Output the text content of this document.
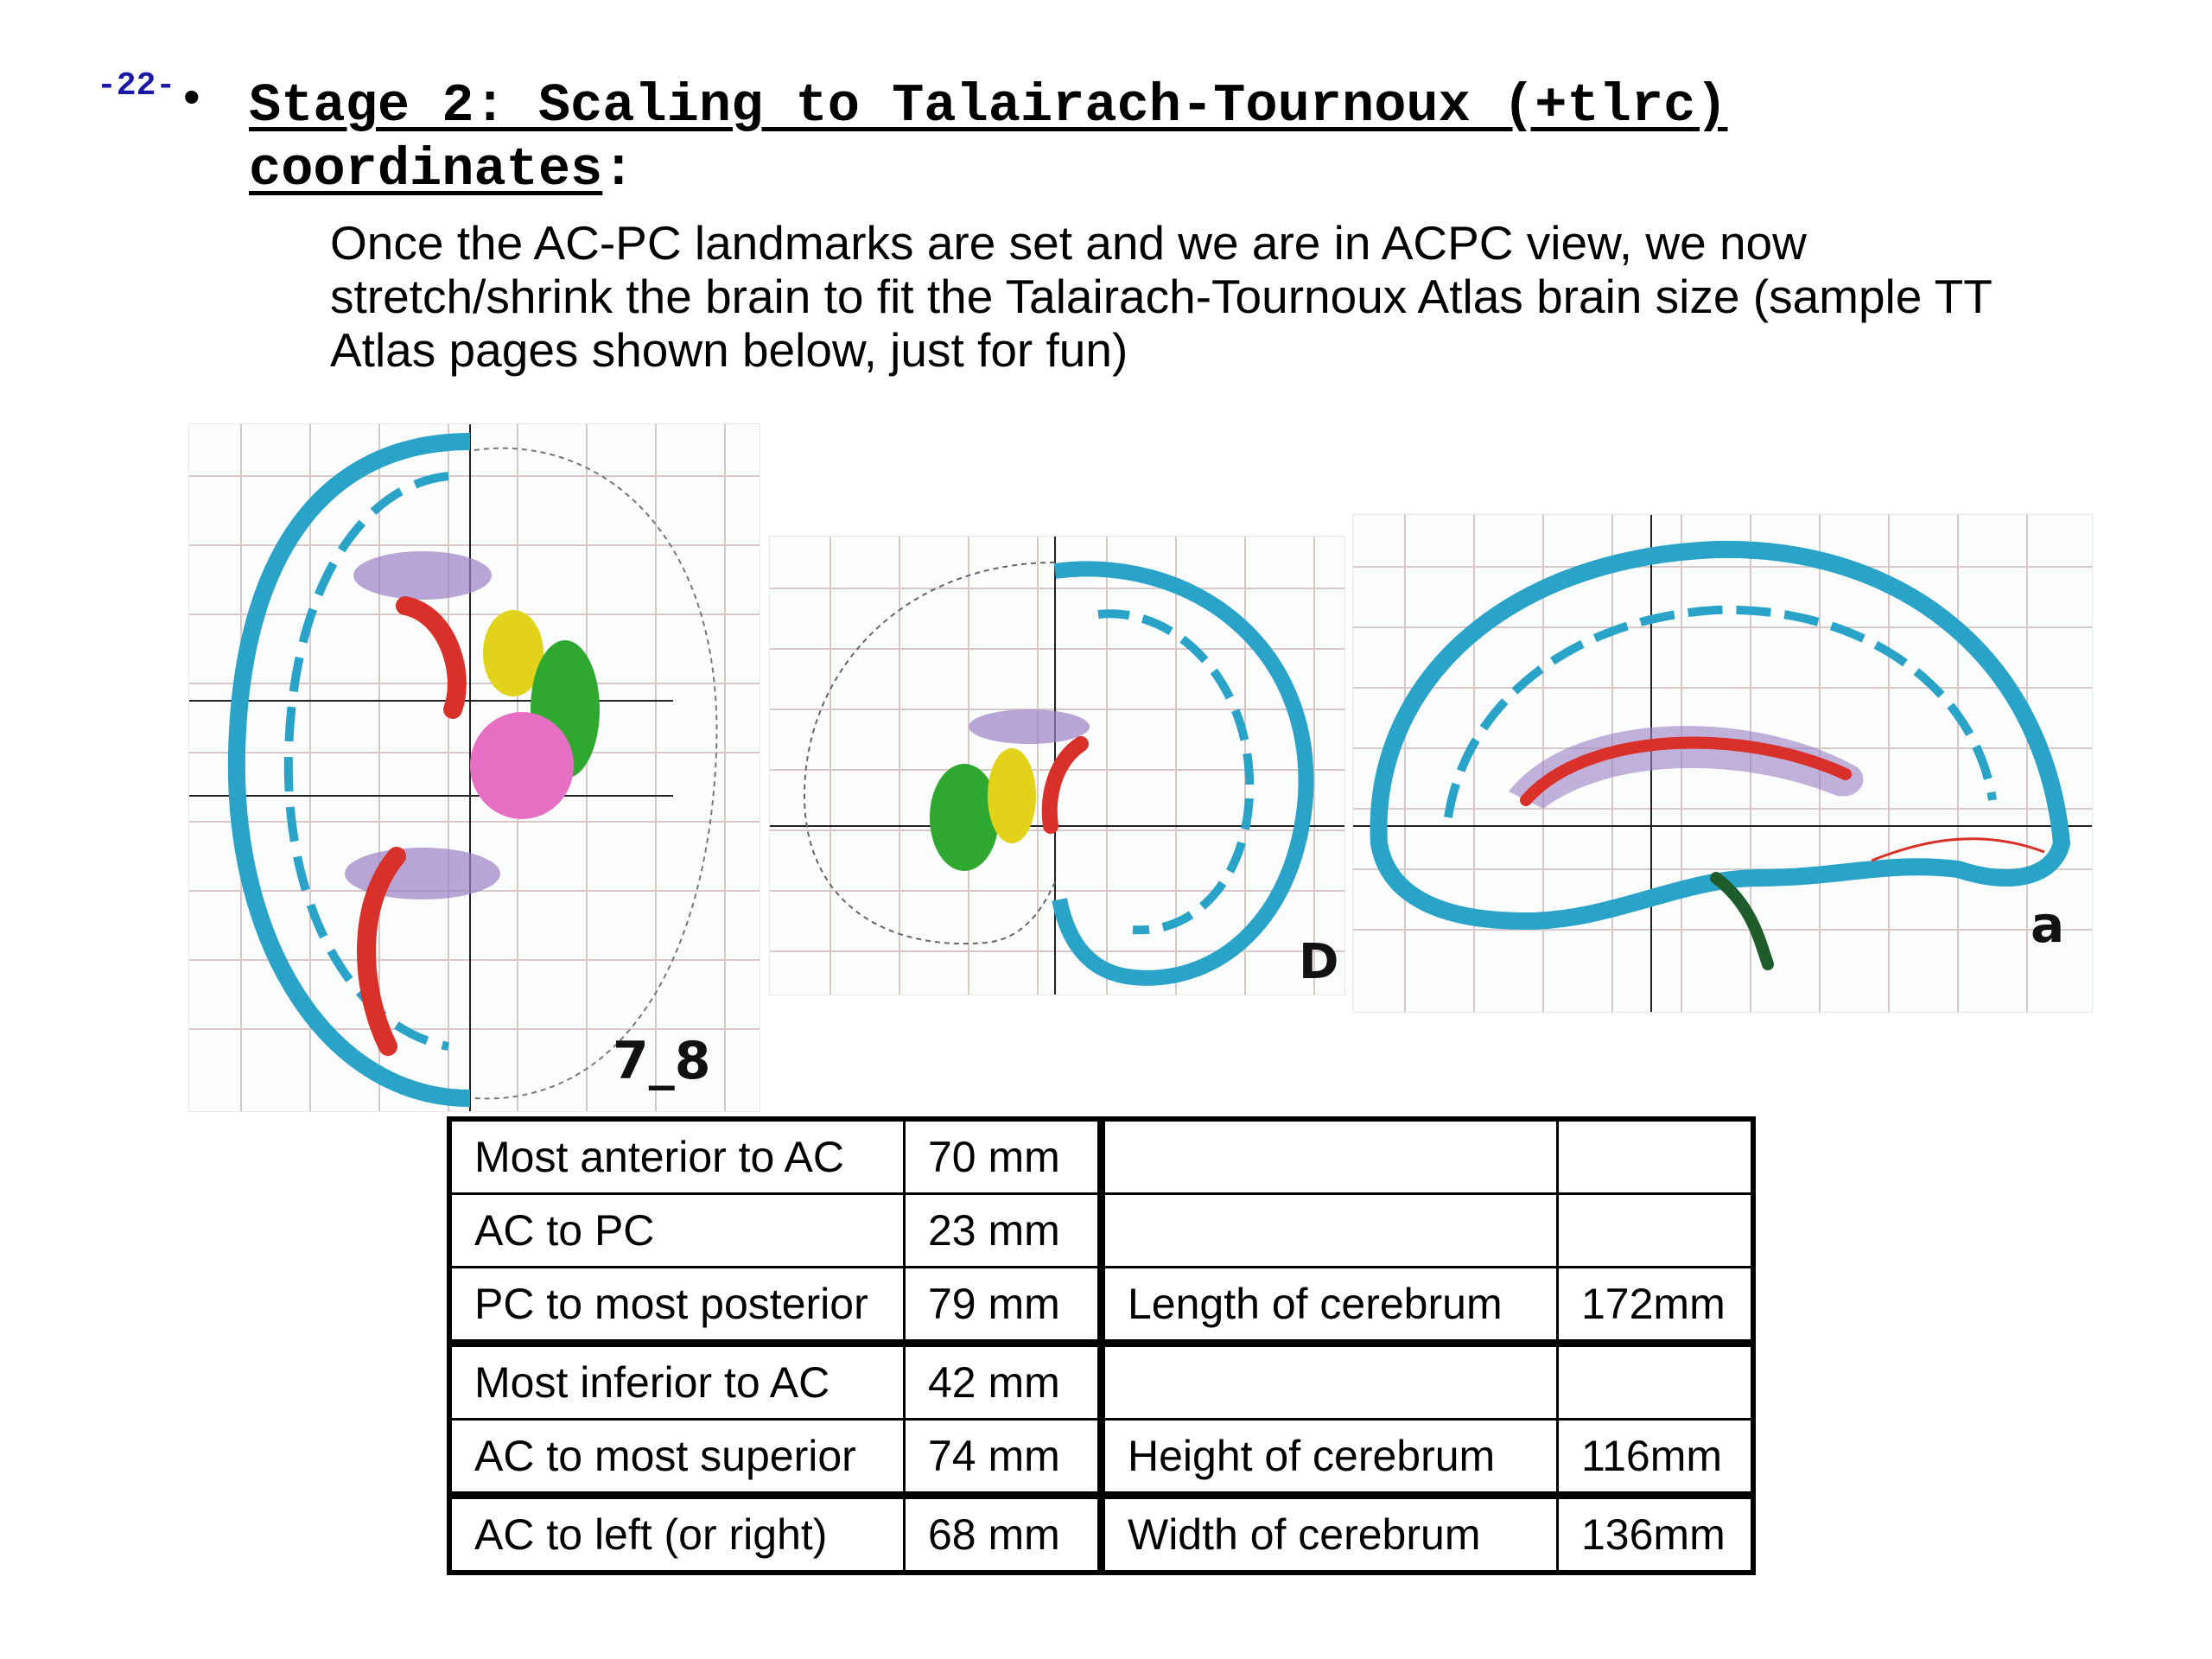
-22- • Stage 2: Scaling to Talairach-Tournoux (+tlrc)
coordinates:
Once the AC-PC landmarks are set and we are in ACPC view, we now stretch/shrink the brain to fit the Talairach-Tournoux Atlas brain size (sample TT Atlas pages shown below, just for fun)
7_8
D
a
Most anterior to AC	70 mm		
AC to PC	23 mm		
PC to most posterior	79 mm	Length of cerebrum	172mm
Most inferior to AC	42 mm		
AC to most superior	74 mm	Height of cerebrum	116mm
AC to left (or right)	68 mm	Width of cerebrum	136mm
